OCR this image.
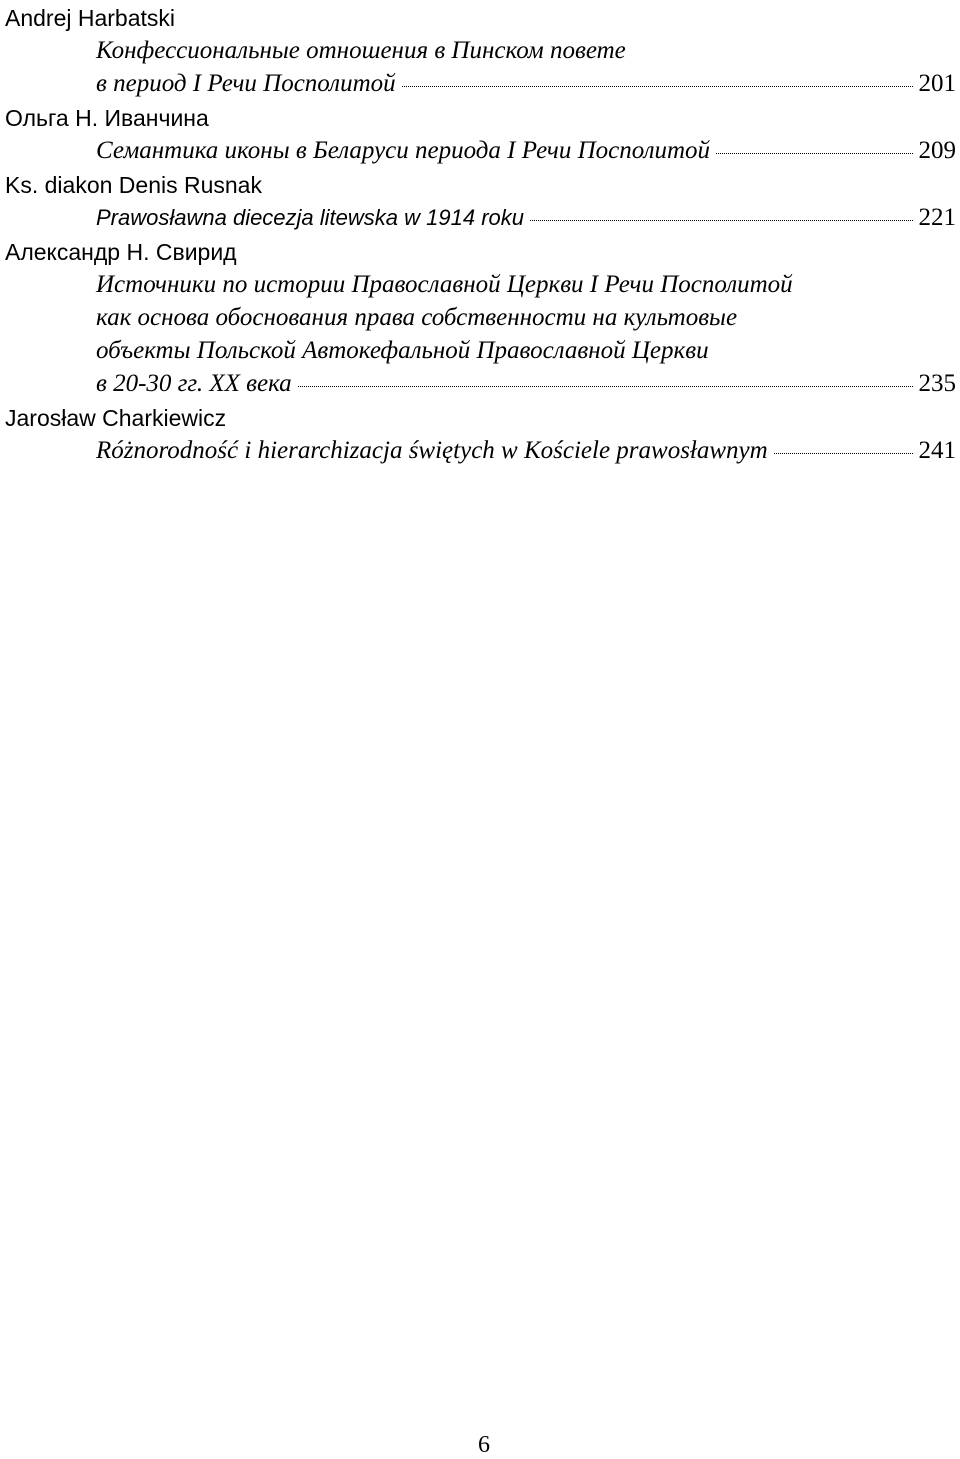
Andrej Harbatski
Конфессиональные отношения в Пинском повете
в период I Речи Посполитой	201
Ольга Н. Иванчина
Семантика иконы в Беларуси периода I Речи Посполитой	209
Ks. diakon Denis Rusnak
Prawosławna diecezja litewska w 1914 roku	221
Александр Н. Свирид
Источники по истории Православной Церкви I Речи Посполитой
как основа обоснования права собственности на культовые
объекты Польской Автокефальной Православной Церкви
в 20-30 гг. XX века	235
Jarosław Charkiewicz
Różnorodność i hierarchizacja świętych w Kościele prawosławnym	241
6
